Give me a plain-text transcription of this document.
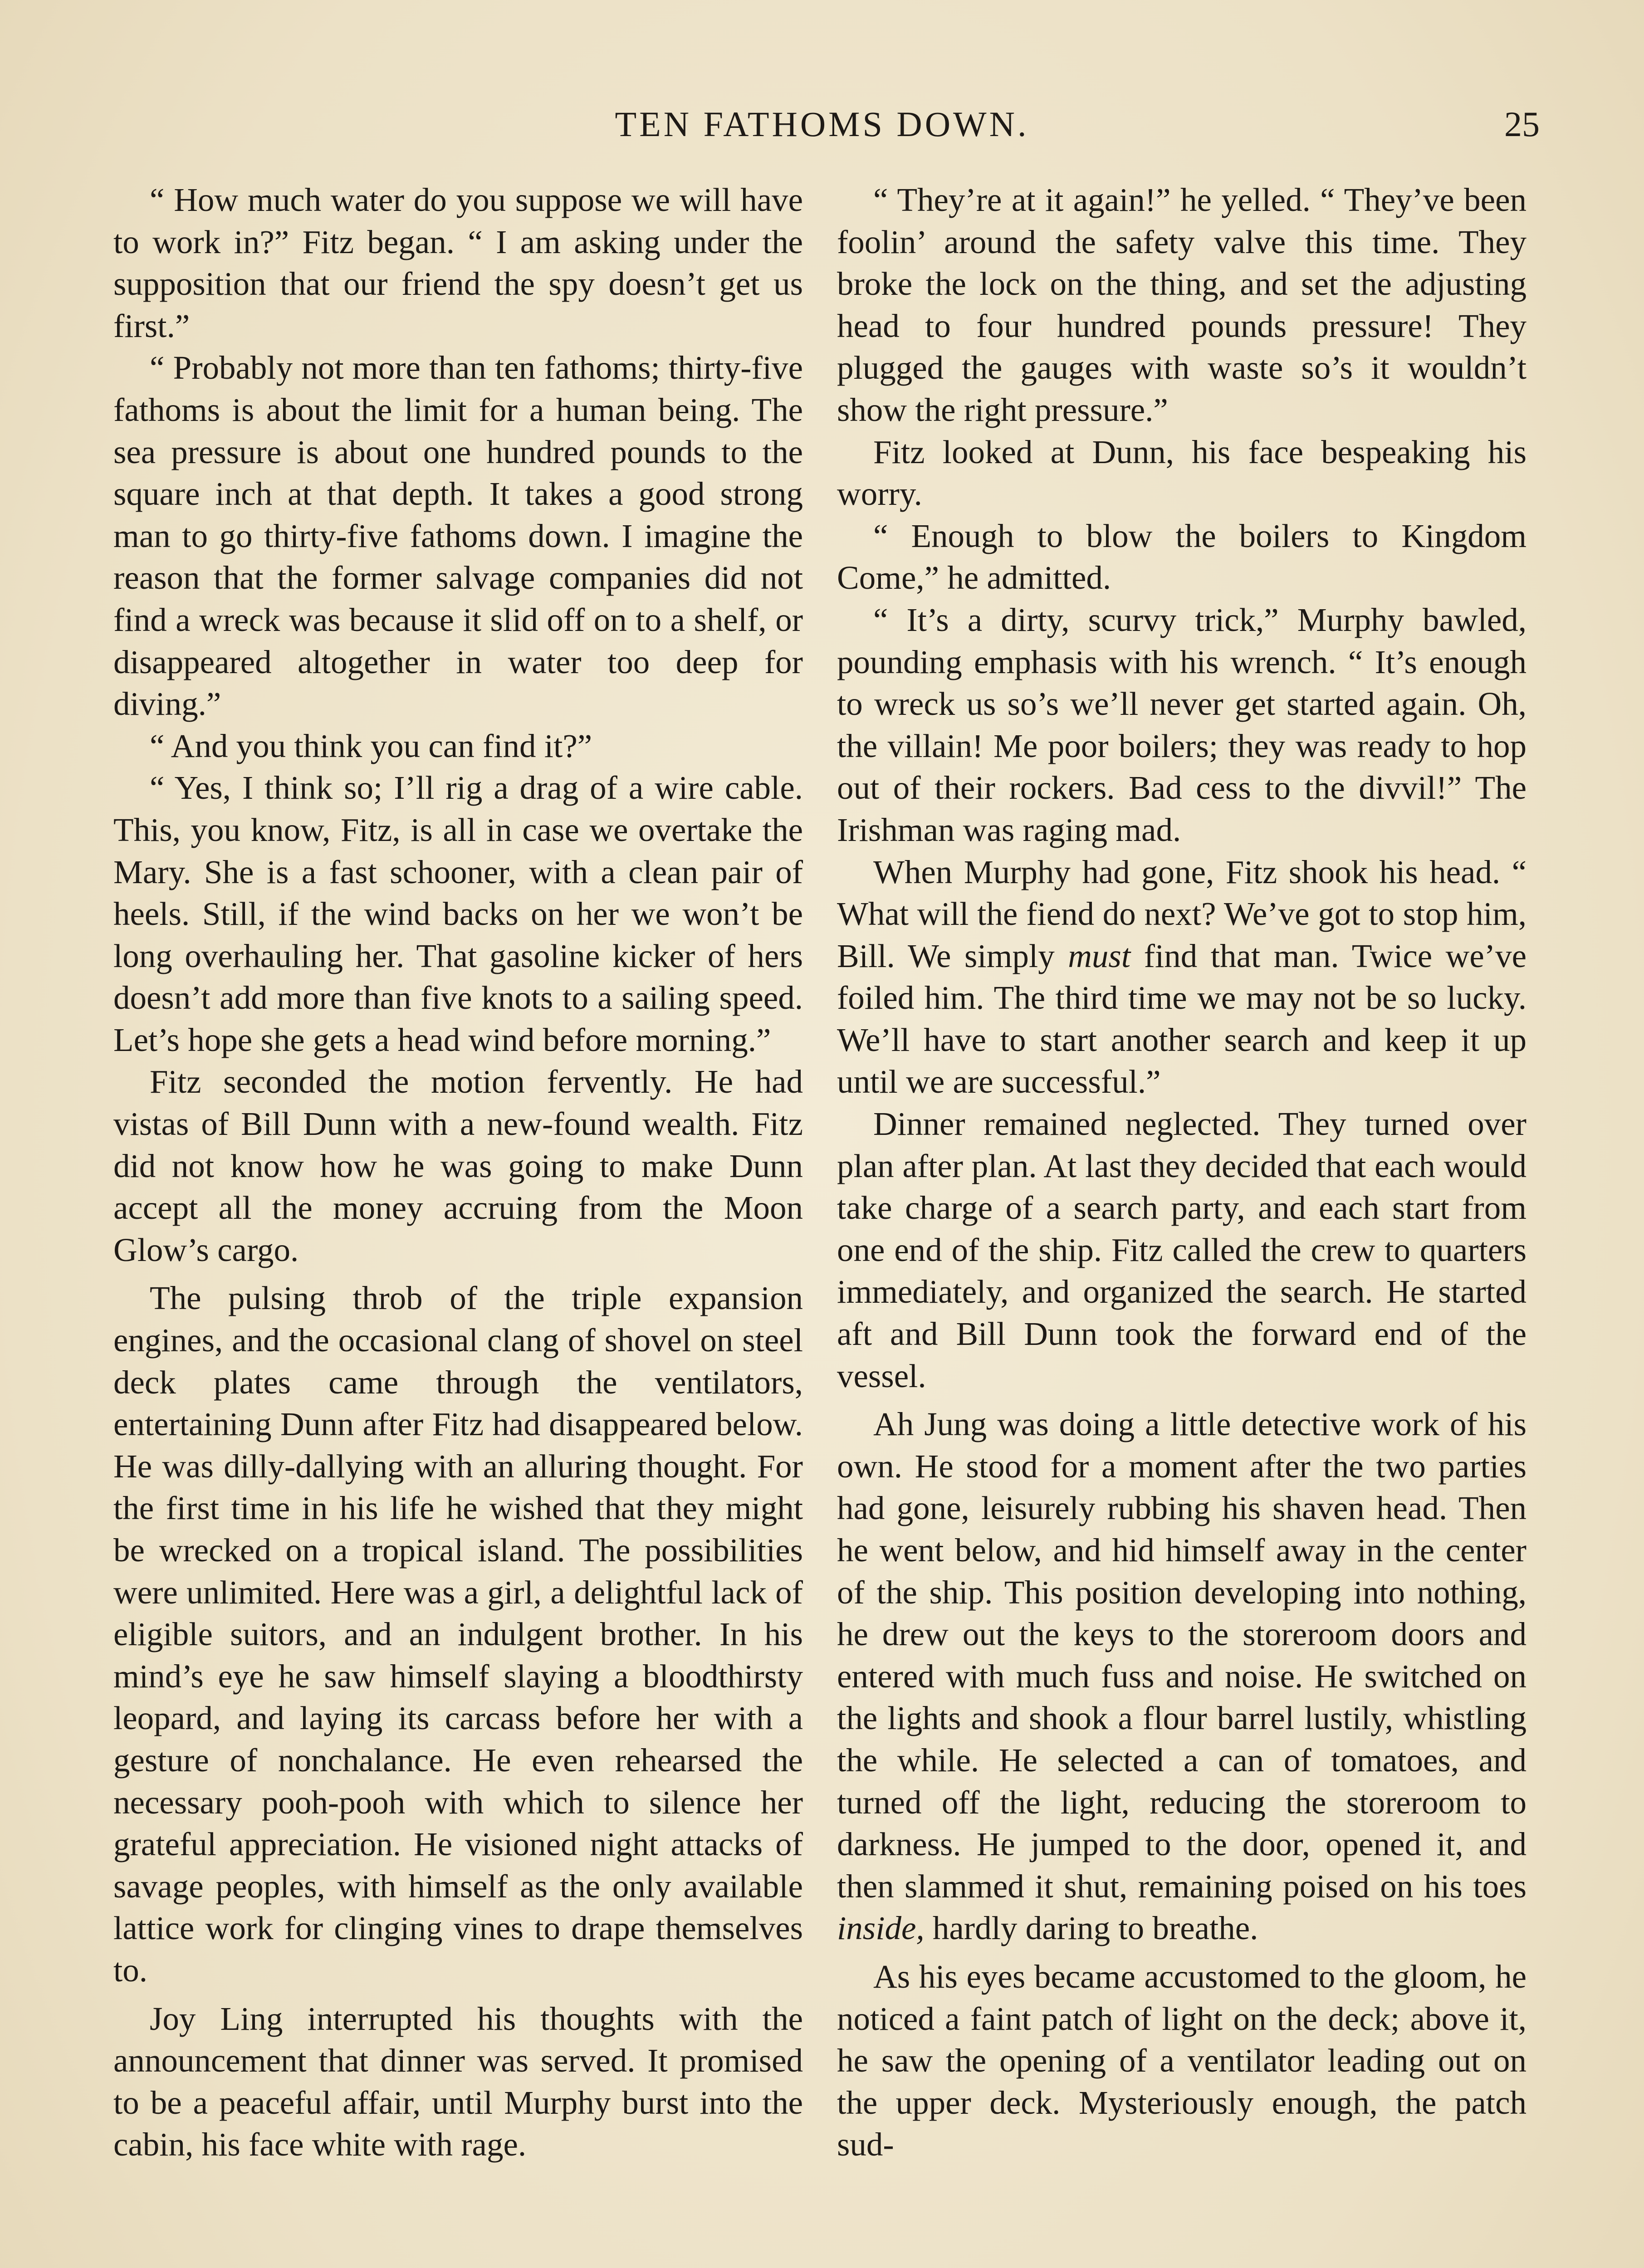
TEN FATHOMS DOWN.	25

“ How much water do you suppose we will have to work in?” Fitz began. “ I am asking under the supposition that our friend the spy doesn’t get us first.”

“ Probably not more than ten fathoms; thirty-five fathoms is about the limit for a human being. The sea pressure is about one hundred pounds to the square inch at that depth. It takes a good strong man to go thirty-five fathoms down. I imagine the reason that the former salvage companies did not find a wreck was because it slid off on to a shelf, or disappeared altogether in water too deep for diving.”

“ And you think you can find it?”

“ Yes, I think so; I’ll rig a drag of a wire cable. This, you know, Fitz, is all in case we overtake the Mary. She is a fast schooner, with a clean pair of heels. Still, if the wind backs on her we won’t be long overhauling her. That gasoline kicker of hers doesn’t add more than five knots to a sailing speed. Let’s hope she gets a head wind before morning.”

Fitz seconded the motion fervently. He had vistas of Bill Dunn with a new-found wealth. Fitz did not know how he was going to make Dunn accept all the money accruing from the Moon Glow’s cargo.

The pulsing throb of the triple expansion engines, and the occasional clang of shovel on steel deck plates came through the ventilators, entertaining Dunn after Fitz had disappeared below. He was dilly-dallying with an alluring thought. For the first time in his life he wished that they might be wrecked on a tropical island. The possibilities were unlimited. Here was a girl, a delightful lack of eligible suitors, and an indulgent brother. In his mind’s eye he saw himself slaying a bloodthirsty leopard, and laying its carcass before her with a gesture of nonchalance. He even rehearsed the necessary pooh-pooh with which to silence her grateful appreciation. He visioned night attacks of savage peoples, with himself as the only available lattice work for clinging vines to drape themselves to.

Joy Ling interrupted his thoughts with the announcement that dinner was served. It promised to be a peaceful affair, until Murphy burst into the cabin, his face white with rage.

“ They’re at it again!” he yelled. “ They’ve been foolin’ around the safety valve this time. They broke the lock on the thing, and set the adjusting head to four hundred pounds pressure! They plugged the gauges with waste so’s it wouldn’t show the right pressure.”

Fitz looked at Dunn, his face bespeaking his worry.

“ Enough to blow the boilers to Kingdom Come,” he admitted.

“ It’s a dirty, scurvy trick,” Murphy bawled, pounding emphasis with his wrench. “ It’s enough to wreck us so’s we’ll never get started again. Oh, the villain! Me poor boilers; they was ready to hop out of their rockers. Bad cess to the divvil!” The Irishman was raging mad.

When Murphy had gone, Fitz shook his head. “ What will the fiend do next? We’ve got to stop him, Bill. We simply must find that man. Twice we’ve foiled him. The third time we may not be so lucky. We’ll have to start another search and keep it up until we are successful.”

Dinner remained neglected. They turned over plan after plan. At last they decided that each would take charge of a search party, and each start from one end of the ship. Fitz called the crew to quarters immediately, and organized the search. He started aft and Bill Dunn took the forward end of the vessel.

Ah Jung was doing a little detective work of his own. He stood for a moment after the two parties had gone, leisurely rubbing his shaven head. Then he went below, and hid himself away in the center of the ship. This position developing into nothing, he drew out the keys to the storeroom doors and entered with much fuss and noise. He switched on the lights and shook a flour barrel lustily, whistling the while. He selected a can of tomatoes, and turned off the light, reducing the storeroom to darkness. He jumped to the door, opened it, and then slammed it shut, remaining poised on his toes inside, hardly daring to breathe.

As his eyes became accustomed to the gloom, he noticed a faint patch of light on the deck; above it, he saw the opening of a ventilator leading out on the upper deck. Mysteriously enough, the patch sud-
